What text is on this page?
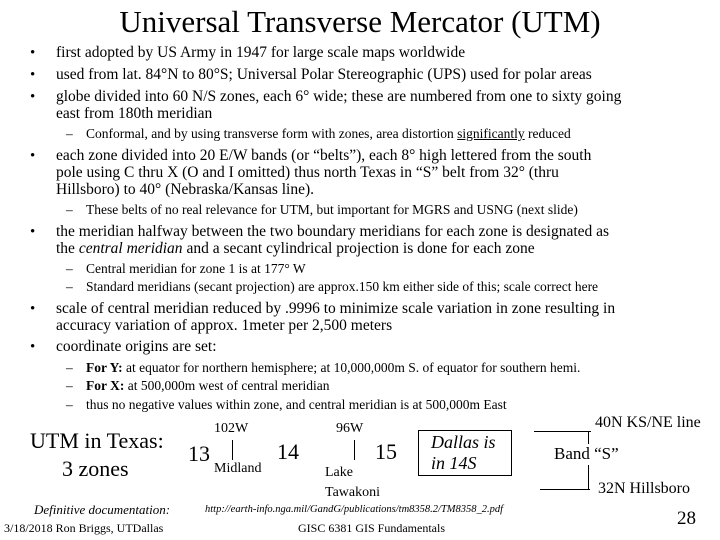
Universal Transverse Mercator (UTM)
• first adopted by US Army in 1947 for large scale maps worldwide
• used from lat. 84°N to 80°S; Universal Polar Stereographic (UPS) used for polar areas
• globe divided into 60 N/S zones, each 6° wide; these are numbered from one to sixty going
east from 180th meridian
– Conformal, and by using transverse form with zones, area distortion significantly reduced
• each zone divided into 20 E/W bands (or “belts”), each 8° high lettered from the south
pole using C thru X (O and I omitted) thus north Texas in “S” belt from 32° (thru
Hillsboro) to 40° (Nebraska/Kansas line).
– These belts of no real relevance for UTM, but important for MGRS and USNG (next slide)
• the meridian halfway between the two boundary meridians for each zone is designated as
the central meridian and a secant cylindrical projection is done for each zone
– Central meridian for zone 1 is at 177° W
– Standard meridians (secant projection) are approx.150 km either side of this; scale correct here
• scale of central meridian reduced by .9996 to minimize scale variation in zone resulting in
accuracy variation of approx. 1meter per 2,500 meters
• coordinate origins are set:
– For Y: at equator for northern hemisphere; at 10,000,000m S. of equator for southern hemi.
– For X: at 500,000m west of central meridian
– thus no negative values within zone, and central meridian is at 500,000m East
UTM in Texas:
3 zones
102W
13
Midland
14
96W
Lake
Tawakoni
15 Dallas is
in 14S
40N KS/NE line
Band “S”
32N Hillsboro
Definitive documentation:	http://earth-info.nga.mil/GandG/publications/tm8358.2/TM8358_2.pdf
3/18/2018 Ron Briggs, UTDallas	GISC 6381 GIS Fundamentals	28
